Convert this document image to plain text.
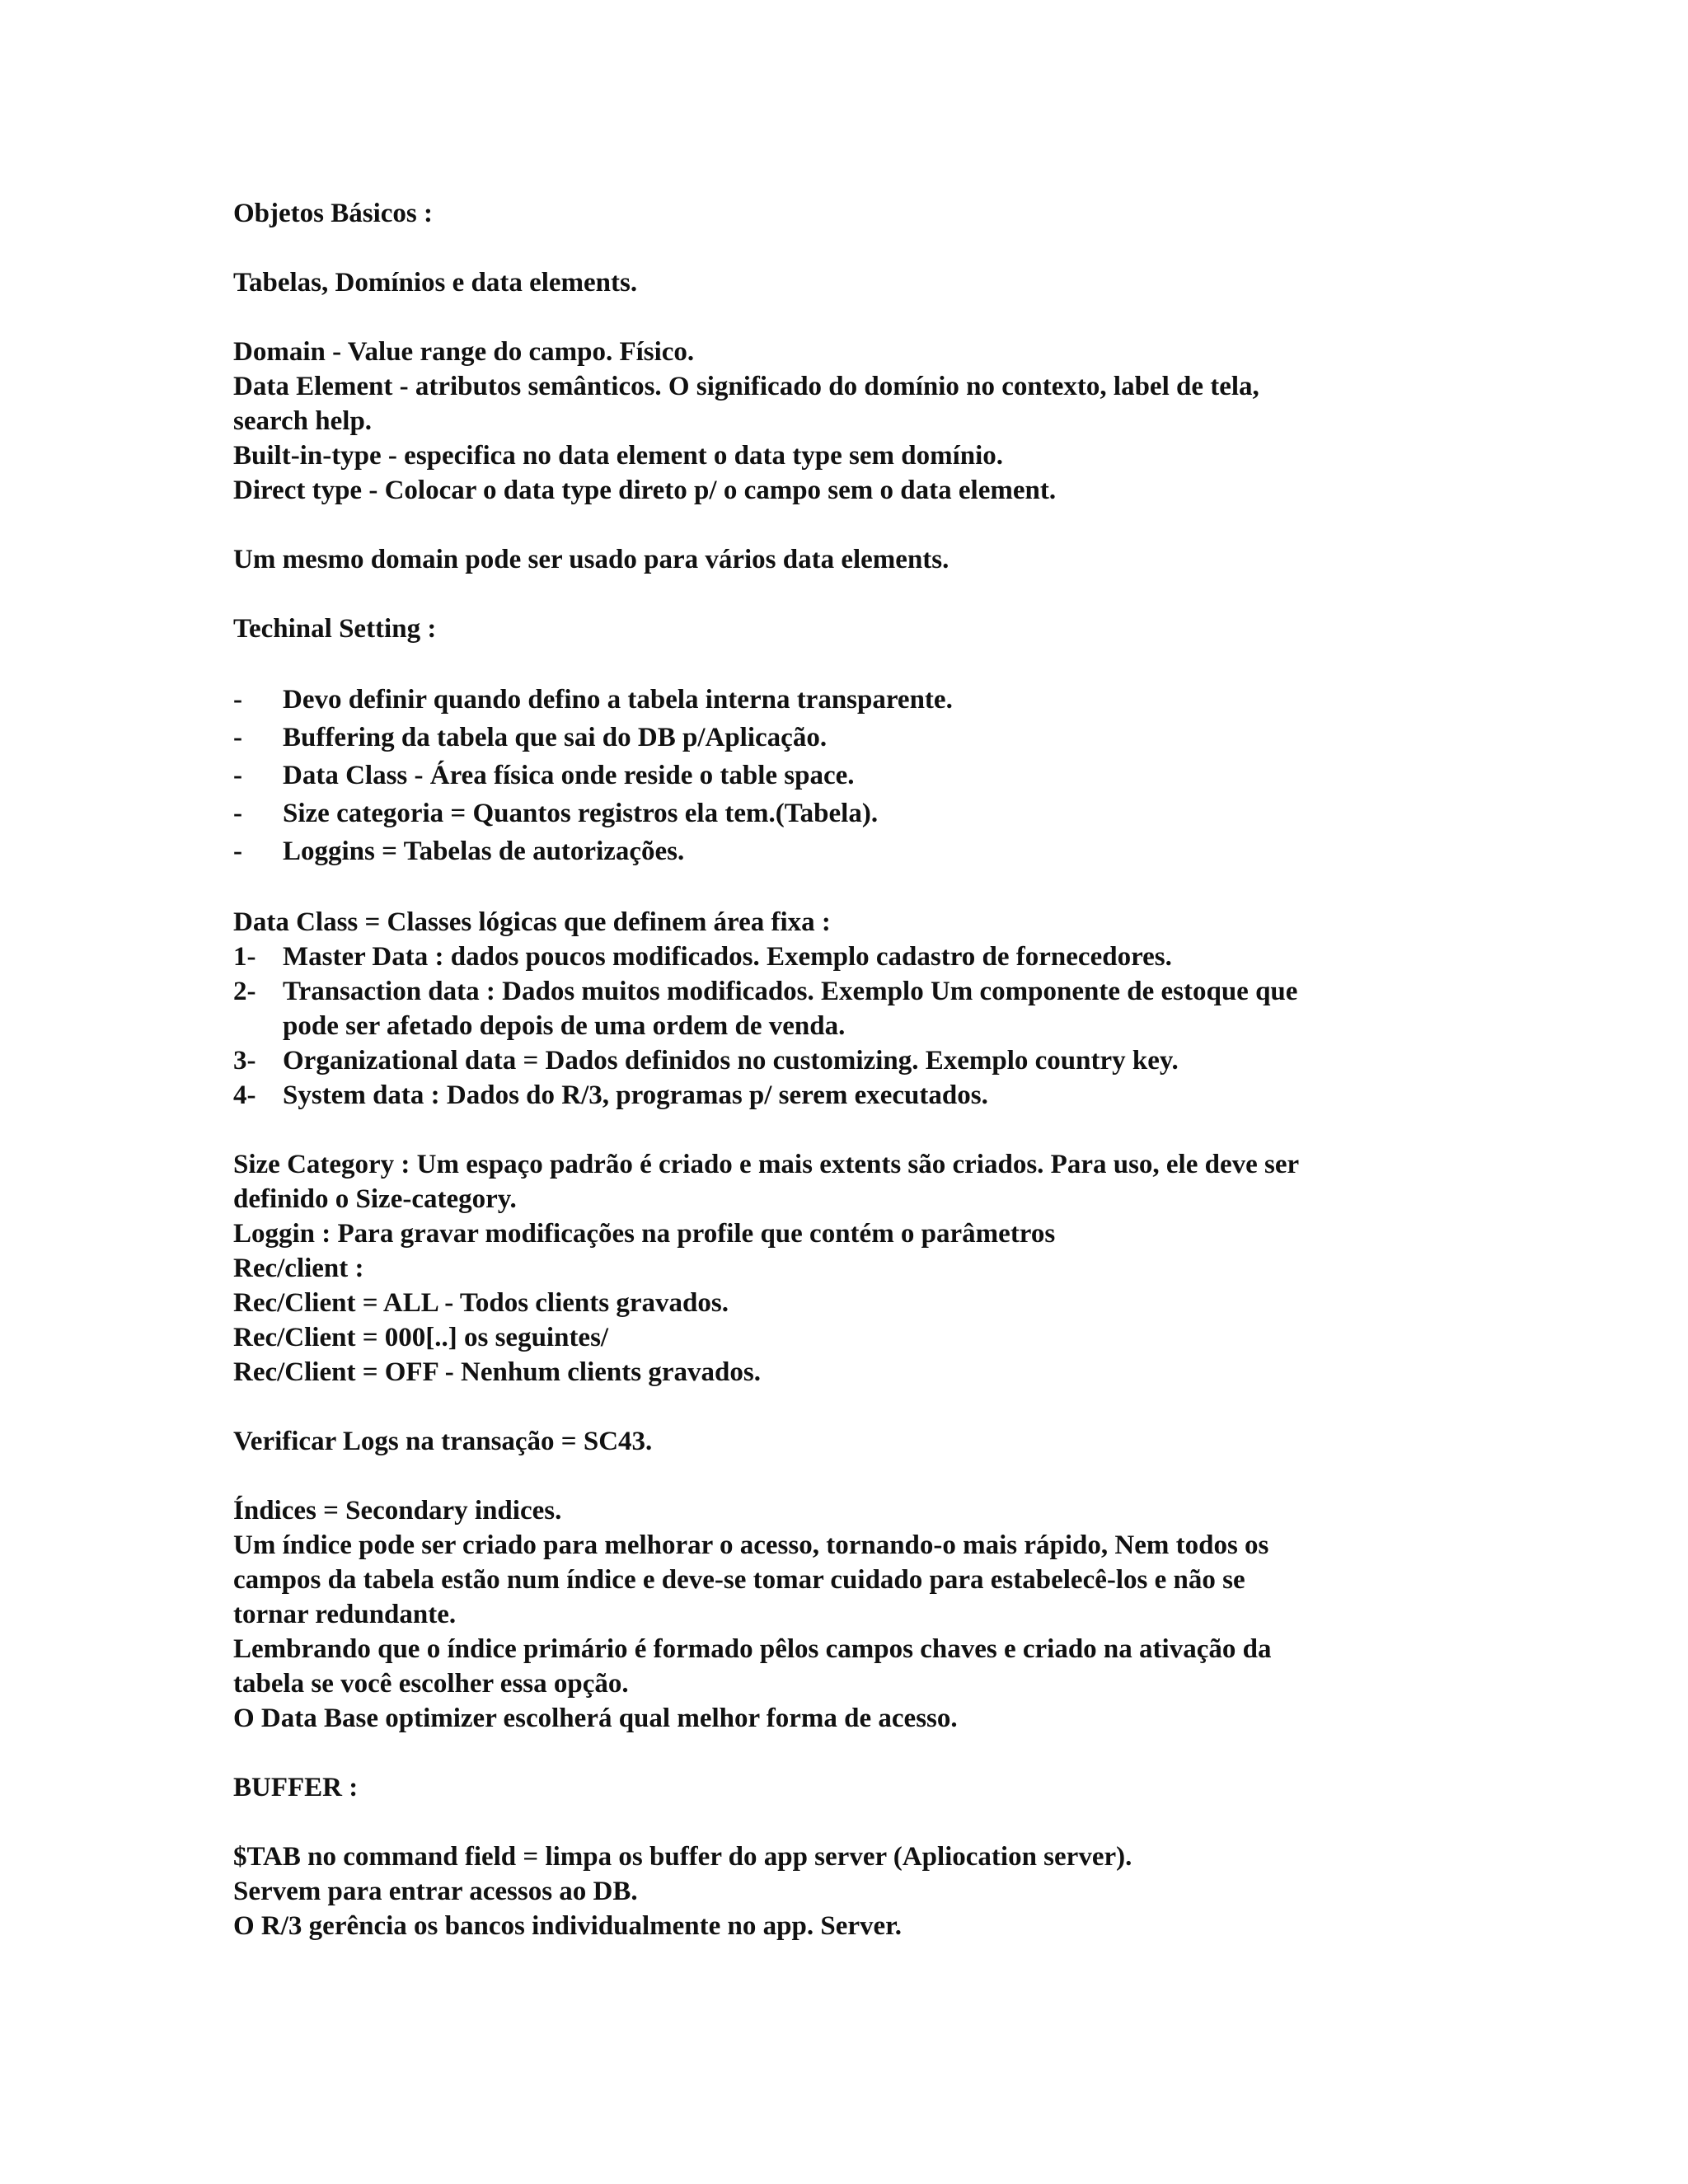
Objetos Básicos :
Tabelas, Domínios e data elements.
Domain - Value range do campo. Físico.
Data Element - atributos semânticos. O significado do domínio no contexto, label de tela,
search help.
Built-in-type - especifica no data element o data type sem domínio.
Direct type - Colocar o data type direto p/ o campo sem o data element.
Um mesmo domain pode ser usado para vários data elements.
Techinal Setting :
-	Devo definir quando defino a tabela interna transparente.
-	Buffering da tabela que sai do DB p/Aplicação.
-	Data Class - Área física onde reside o table space.
-	Size categoria = Quantos registros ela tem.(Tabela).
-	Loggins = Tabelas de autorizações.
Data Class = Classes lógicas que definem área fixa :
1- Master Data : dados poucos modificados. Exemplo cadastro de fornecedores.
2- Transaction data : Dados muitos modificados. Exemplo Um componente de estoque que
pode ser afetado depois de uma ordem de venda.
3- Organizational data = Dados definidos no customizing. Exemplo country key.
4- System data : Dados do R/3, programas p/ serem executados.
Size Category : Um espaço padrão é criado e mais extents são criados. Para uso, ele deve ser
definido o Size-category.
Loggin : Para gravar modificações na profile que contém o parâmetros
Rec/client :
Rec/Client = ALL - Todos clients gravados.
Rec/Client = 000[..] os seguintes/
Rec/Client = OFF - Nenhum clients gravados.
Verificar Logs na transação = SC43.
Índices = Secondary indices.
Um índice pode ser criado para melhorar o acesso, tornando-o mais rápido, Nem todos os
campos da tabela estão num índice e deve-se tomar cuidado para estabelecê-los e não se
tornar redundante.
Lembrando que o índice primário é formado pêlos campos chaves e criado na ativação da
tabela se você escolher essa opção.
O Data Base optimizer escolherá qual melhor forma de acesso.
BUFFER :
$TAB no command field = limpa os buffer do app server (Apliocation server).
Servem para entrar acessos ao DB.
O R/3 gerência os bancos individualmente no app. Server.
